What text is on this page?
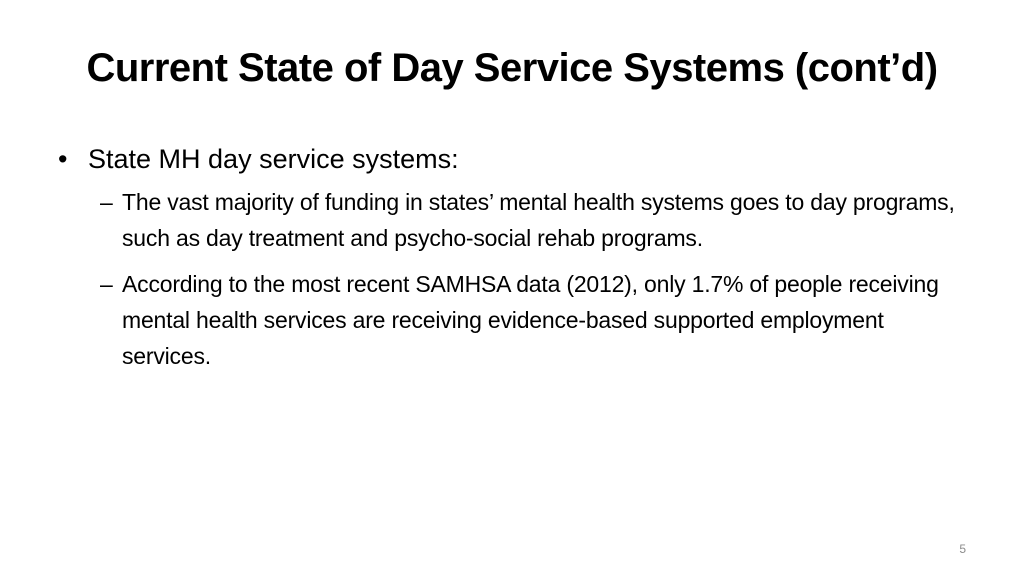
Current State of Day Service Systems (cont’d)
• State MH day service systems:
– The vast majority of funding in states’ mental health systems goes to day programs, such as day treatment and psycho-social rehab programs.
– According to the most recent SAMHSA data (2012), only 1.7% of people receiving mental health services are receiving evidence-based supported employment services.
5
